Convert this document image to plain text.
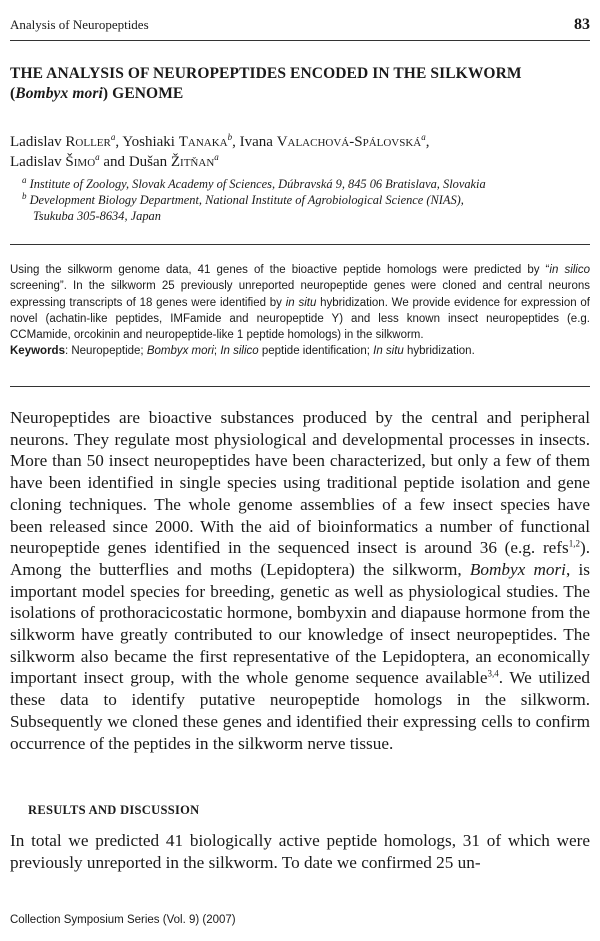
Analysis of Neuropeptides	83
THE ANALYSIS OF NEUROPEPTIDES ENCODED IN THE SILKWORM
(Bombyx mori) GENOME
Ladislav Roller$^a$, Yoshiaki Tanaka$^b$, Ivana Valachová-Spálovská$^a$,
Ladislav Šimo$^a$ and Dušan Žitňan$^a$
$^a$ Institute of Zoology, Slovak Academy of Sciences, Dúbravská 9, 845 06 Bratislava, Slovakia
$^b$ Development Biology Department, National Institute of Agrobiological Science (NIAS),
Tsukuba 305-8634, Japan
Using the silkworm genome data, 41 genes of the bioactive peptide homologs were predicted by “in silico screening”. In the silkworm 25 previously unreported neuropeptide genes were cloned and central neurons expressing transcripts of 18 genes were identified by in situ hybridization. We provide evidence for expression of novel (achatin-like peptides, IMFamide and neuropeptide Y) and less known insect neuropeptides (e.g. CCMamide, orcokinin and neuropeptide-like 1 peptide homologs) in the silkworm.
Keywords: Neuropeptide; Bombyx mori; In silico peptide identification; In situ hybridization.
Neuropeptides are bioactive substances produced by the central and peripheral neurons. They regulate most physiological and developmental processes in insects. More than 50 insect neuropeptides have been characterized, but only a few of them have been identified in single species using traditional peptide isolation and gene cloning techniques. The whole genome assemblies of a few insect species have been released since 2000. With the aid of bioinformatics a number of functional neuropeptide genes identified in the sequenced insect is around 36 (e.g. refs$^{1,2}$). Among the butterflies and moths (Lepidoptera) the silkworm, Bombyx mori, is important model species for breeding, genetic as well as physiological studies. The isolations of prothoracicostatic hormone, bombyxin and diapause hormone from the silkworm have greatly contributed to our knowledge of insect neuropeptides. The silkworm also became the first representative of the Lepidoptera, an economically important insect group, with the whole genome sequence available$^{3,4}$. We utilized these data to identify putative neuropeptide homologs in the silkworm. Subsequently we cloned these genes and identified their expressing cells to confirm occurrence of the peptides in the silkworm nerve tissue.
RESULTS AND DISCUSSION
In total we predicted 41 biologically active peptide homologs, 31 of which were previously unreported in the silkworm. To date we confirmed 25 un-
Collection Symposium Series (Vol. 9) (2007)
